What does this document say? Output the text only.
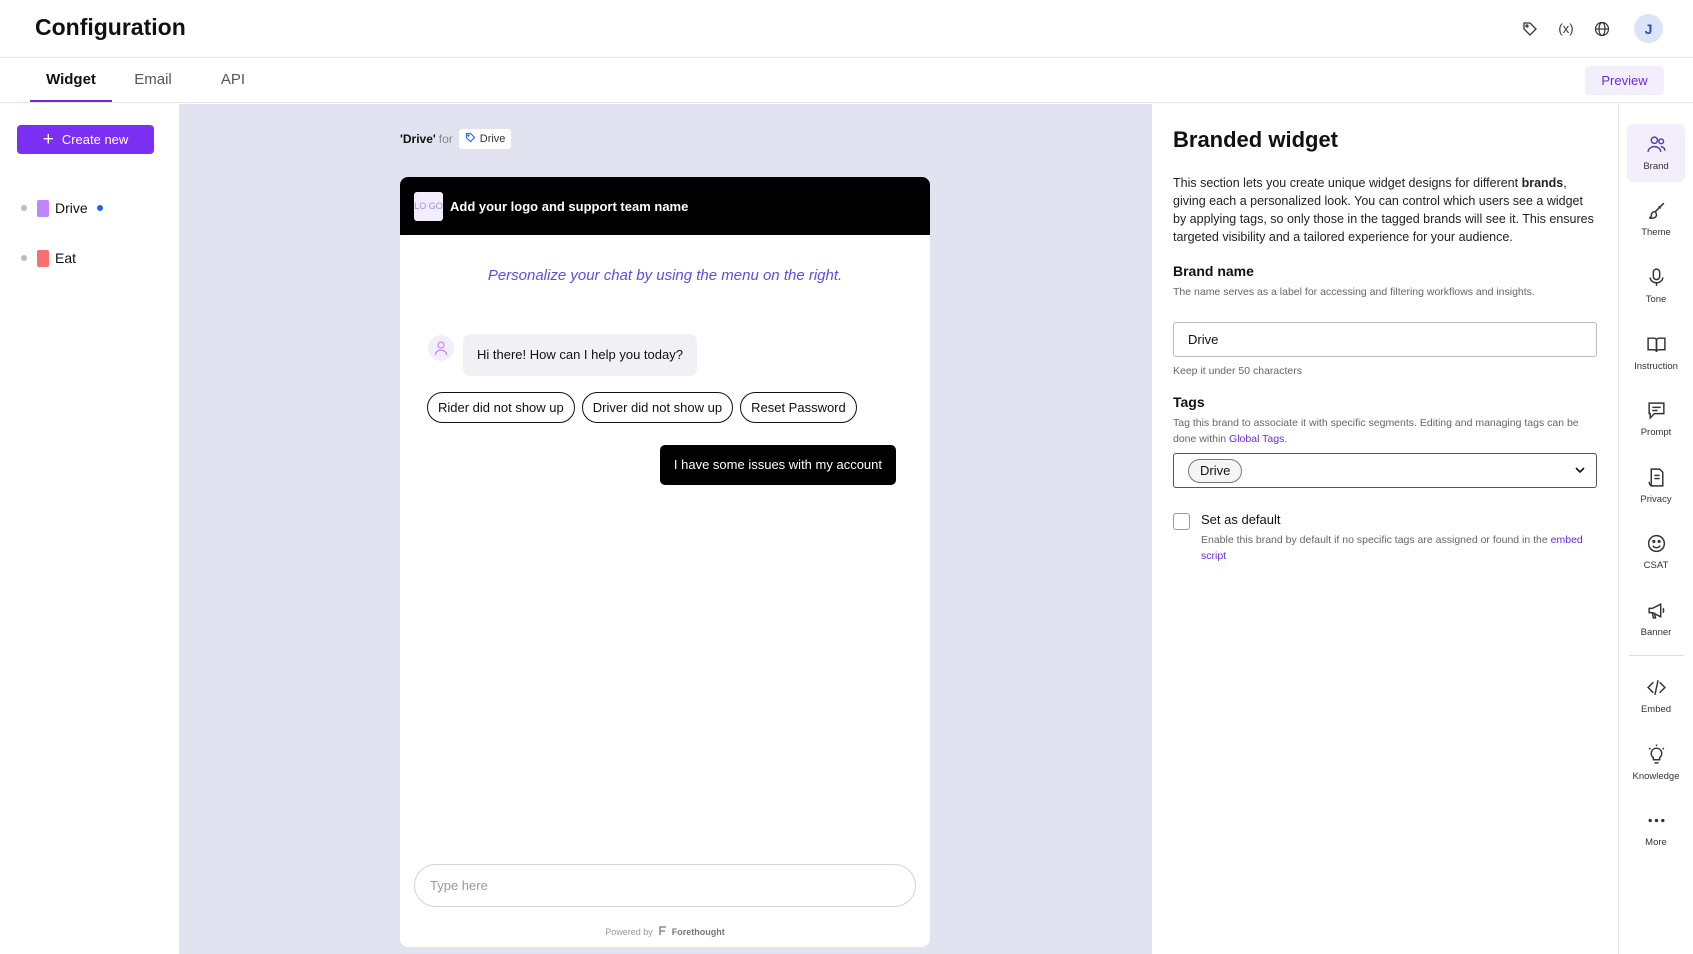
Configuration	(x)	J
Widget	Email	API	Preview
+ Create new
Drive
Eat
'Drive' for Drive
LO GO Add your logo and support team name
Personalize your chat by using the menu on the right.
Hi there! How can I help you today?
Rider did not show up	Driver did not show up	Reset Password
I have some issues with my account
Type here
Powered by Forethought
Branded widget
This section lets you create unique widget designs for different brands, giving each a personalized look. You can control which users see a widget by applying tags, so only those in the tagged brands will see it. This ensures targeted visibility and a tailored experience for your audience.
Brand name
The name serves as a label for accessing and filtering workflows and insights.
Drive
Keep it under 50 characters
Tags
Tag this brand to associate it with specific segments. Editing and managing tags can be done within Global Tags.
Drive
Set as default
Enable this brand by default if no specific tags are assigned or found in the embed script
Brand
Theme
Tone
Instruction
Prompt
Privacy
CSAT
Banner
Embed
Knowledge
More
